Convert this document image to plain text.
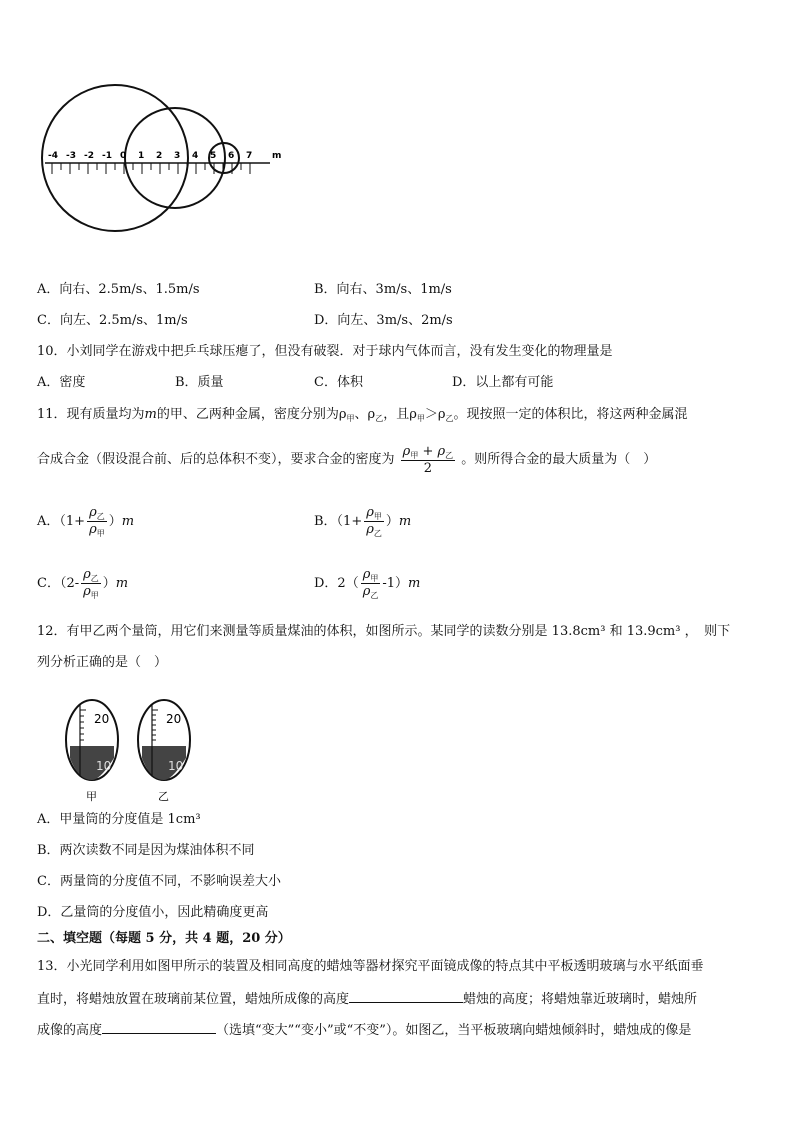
-4 -3 -2 -1 0 1 2 3 4 5 6 7 m
A．向右、2.5m/s、1.5m/s	B．向右、3m/s、1m/s
C．向左、2.5m/s、1m/s	D．向左、3m/s、2m/s
10．小刘同学在游戏中把乒乓球压瘪了，但没有破裂．对于球内气体而言，没有发生变化的物理量是
A．密度	B．质量	C．体积	D．以上都有可能
11．现有质量均为m的甲、乙两种金属，密度分别为$\rho_甲$、$\rho_乙$，且$\rho_甲>\rho_乙$。现按照一定的体积比，将这两种金属混
合成合金（假设混合前、后的总体积不变），要求合金的密度为 $\frac{\rho_甲 + \rho_乙}{2}$ 。则所得合金的最大质量为（　）
A．$(1+ \frac{\rho_乙}{\rho_甲} )m$	B．$(1+ \frac{\rho_甲}{\rho_乙} )m$
C．$(2- \frac{\rho_乙}{\rho_甲} )m$	D．$2( \frac{\rho_甲}{\rho_乙} -1)m$
12．有甲乙两个量筒，用它们来测量等质量煤油的体积，如图所示。某同学的读数分别是 13.8cm³ 和 13.9cm³ ，　则下
列分析正确的是（　）
20
10
甲
20
10
乙
A．甲量筒的分度值是 1cm³
B．两次读数不同是因为煤油体积不同
C．两量筒的分度值不同，不影响误差大小
D．乙量筒的分度值小，因此精确度更高
二、填空题（每题 5 分，共 4 题，20 分）
13．小光同学利用如图甲所示的装置及相同高度的蜡烛等器材探究平面镜成像的特点其中平板透明玻璃与水平纸面垂
直时，将蜡烛放置在玻璃前某位置，蜡烛所成像的高度	蜡烛的高度；将蜡烛靠近玻璃时，蜡烛所
成像的高度	（选填“变大”“变小”或“不变”）。如图乙，当平板玻璃向蜡烛倾斜时，蜡烛成的像是
